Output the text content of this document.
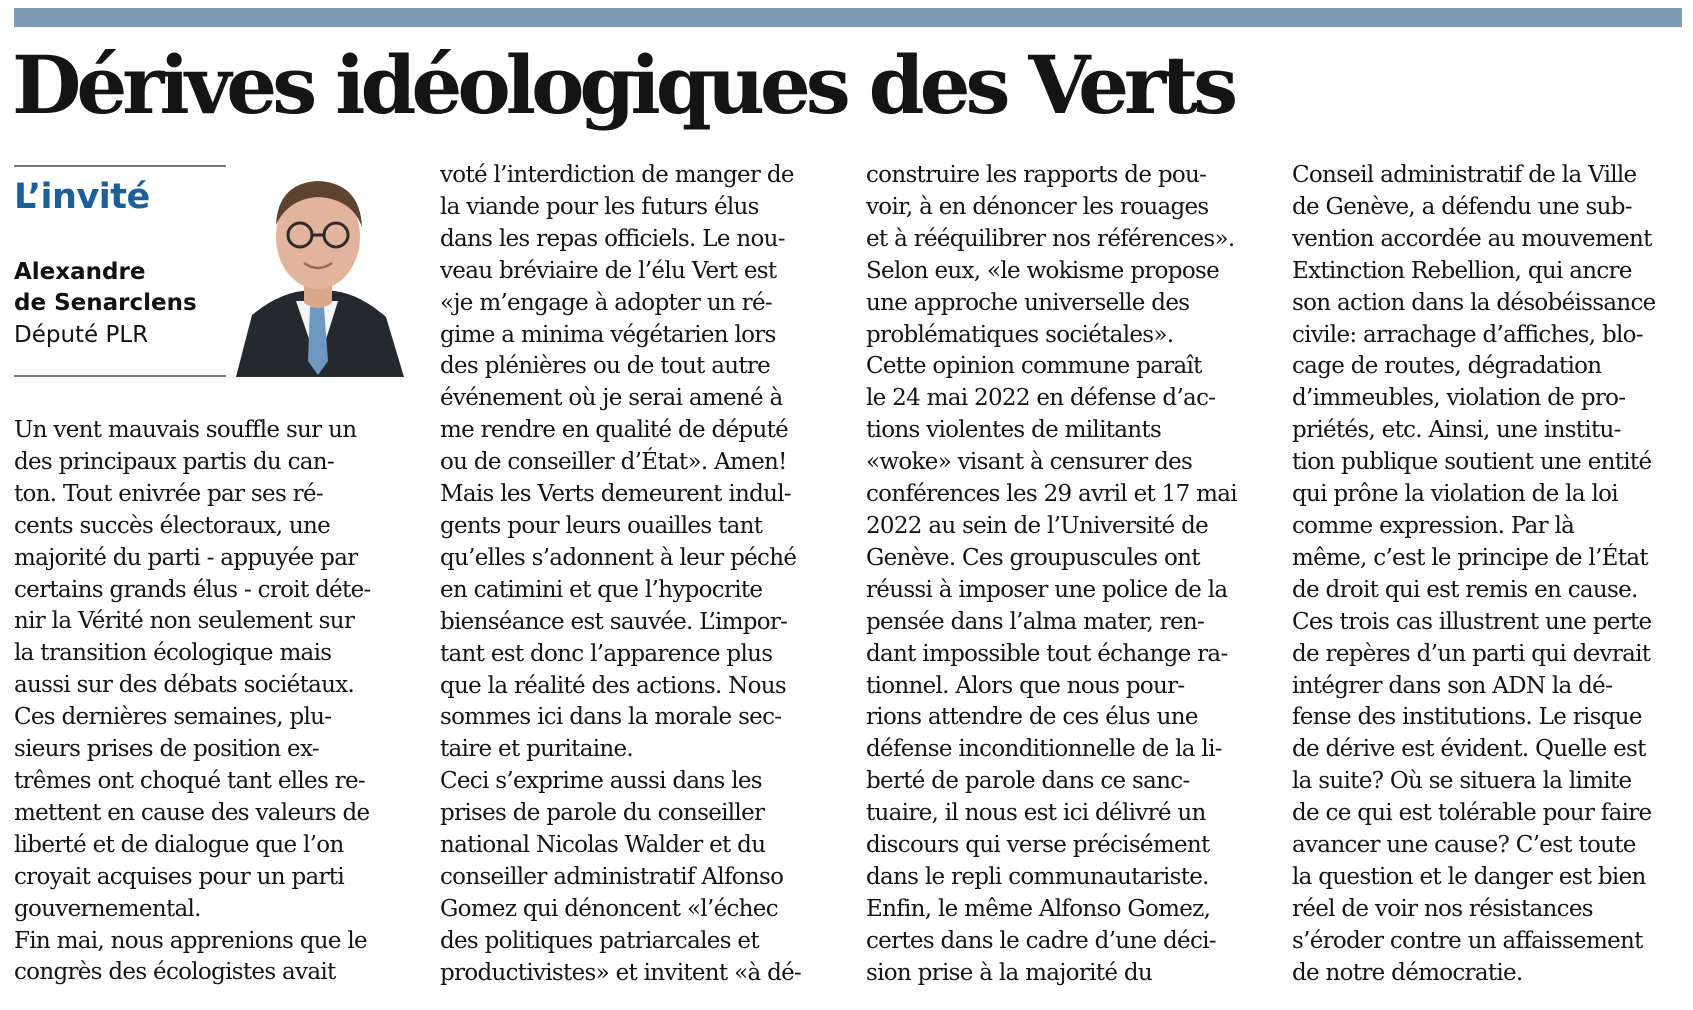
Dérives idéologiques des Verts
L’invité
Alexandre
de Senarclens
Député PLR
Un vent mauvais souffle sur un
des principaux partis du can-
ton. Tout enivrée par ses ré-
cents succès électoraux, une
majorité du parti - appuyée par
certains grands élus - croit déte-
nir la Vérité non seulement sur
la transition écologique mais
aussi sur des débats sociétaux.
Ces dernières semaines, plu-
sieurs prises de position ex-
trêmes ont choqué tant elles re-
mettent en cause des valeurs de
liberté et de dialogue que l’on
croyait acquises pour un parti
gouvernemental.
Fin mai, nous apprenions que le
congrès des écologistes avait
voté l’interdiction de manger de
la viande pour les futurs élus
dans les repas officiels. Le nou-
veau bréviaire de l’élu Vert est
«je m’engage à adopter un ré-
gime a minima végétarien lors
des plénières ou de tout autre
événement où je serai amené à
me rendre en qualité de député
ou de conseiller d’État». Amen!
Mais les Verts demeurent indul-
gents pour leurs ouailles tant
qu’elles s’adonnent à leur péché
en catimini et que l’hypocrite
bienséance est sauvée. L’impor-
tant est donc l’apparence plus
que la réalité des actions. Nous
sommes ici dans la morale sec-
taire et puritaine.
Ceci s’exprime aussi dans les
prises de parole du conseiller
national Nicolas Walder et du
conseiller administratif Alfonso
Gomez qui dénoncent «l’échec
des politiques patriarcales et
productivistes» et invitent «à dé-
construire les rapports de pou-
voir, à en dénoncer les rouages
et à rééquilibrer nos références».
Selon eux, «le wokisme propose
une approche universelle des
problématiques sociétales».
Cette opinion commune paraît
le 24 mai 2022 en défense d’ac-
tions violentes de militants
«woke» visant à censurer des
conférences les 29 avril et 17 mai
2022 au sein de l’Université de
Genève. Ces groupuscules ont
réussi à imposer une police de la
pensée dans l’alma mater, ren-
dant impossible tout échange ra-
tionnel. Alors que nous pour-
rions attendre de ces élus une
défense inconditionnelle de la li-
berté de parole dans ce sanc-
tuaire, il nous est ici délivré un
discours qui verse précisément
dans le repli communautariste.
Enfin, le même Alfonso Gomez,
certes dans le cadre d’une déci-
sion prise à la majorité du
Conseil administratif de la Ville
de Genève, a défendu une sub-
vention accordée au mouvement
Extinction Rebellion, qui ancre
son action dans la désobéissance
civile: arrachage d’affiches, blo-
cage de routes, dégradation
d’immeubles, violation de pro-
priétés, etc. Ainsi, une institu-
tion publique soutient une entité
qui prône la violation de la loi
comme expression. Par là
même, c’est le principe de l’État
de droit qui est remis en cause.
Ces trois cas illustrent une perte
de repères d’un parti qui devrait
intégrer dans son ADN la dé-
fense des institutions. Le risque
de dérive est évident. Quelle est
la suite? Où se situera la limite
de ce qui est tolérable pour faire
avancer une cause? C’est toute
la question et le danger est bien
réel de voir nos résistances
s’éroder contre un affaissement
de notre démocratie.
